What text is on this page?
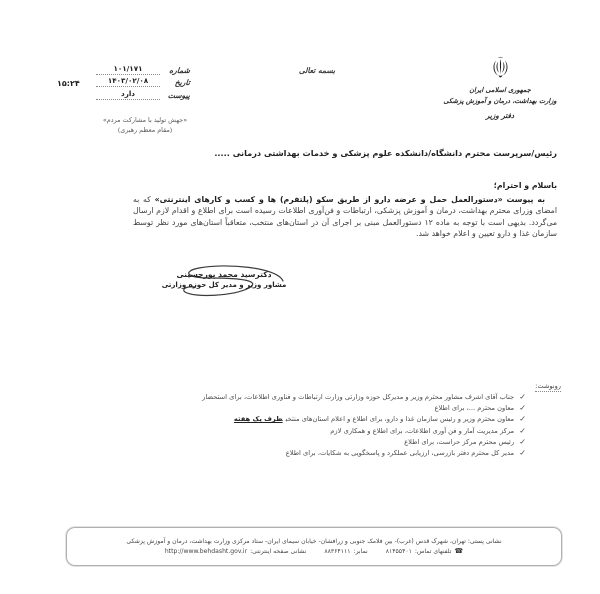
بسمه تعالی
جمهوری اسلامی ایران
وزارت بهداشت، درمان و آموزش پزشکی
دفتر وزیر
شماره
۱۰۱/۱۷۱
تاریخ
۱۴۰۳/۰۲/۰۸
پیوست
دارد
۱۵:۲۴
«جهش تولید با مشارکت مردم»
(مقام معظم رهبری)
رئیس/سرپرست محترم دانشگاه/دانشکده علوم پزشکی و خدمات بهداشتی درمانی .....
باسلام و احترام؛

به پیوست «دستورالعمل حمل و عرضه دارو از طریق سکو (پلتفرم) ها و کسب و کارهای اینترنتی» که به امضای وزرای محترم بهداشت، درمان و آموزش پزشکی، ارتباطات و فن‌آوری اطلاعات رسیده است برای اطلاع و اقدام لازم ارسال می‌گردد. بدیهی است با توجه به ماده ۱۲ دستورالعمل مبنی بر اجرای آن در استان‌های منتخب، متعاقباً استان‌های مورد نظر توسط سازمان غذا و دارو تعیین و اعلام خواهد شد.

دکترسید محمد پورحسینی
مشاور وزیر و مدیر کل حوزه وزارتی
رونوشت:
✓
جناب آقای اشرف مشاور محترم وزیر و مدیرکل حوزه وزارتی وزارت ارتباطات و فناوری اطلاعات، برای استحضار
✓
معاون محترم ...، برای اطلاع
✓
معاون محترم وزیر و رئیس سازمان غذا و دارو، برای اطلاع و اعلام استان‌های منتخبظرف یک هفته
✓
مرکز مدیریت آمار و فن آوری اطلاعات، برای اطلاع و همکاری لازم
✓
رئیس محترم مرکز حراست، برای اطلاع
✓
مدیر کل محترم دفتر بازرسی، ارزیابی عملکرد و پاسخگویی به شکایات، برای اطلاع
نشانی پستی: تهران، شهرک قدس (غرب)- بین فلامک جنوبی و زرافشان- خیابان سیمای ایران- ستاد مرکزی وزارت بهداشت، درمان و آموزش پزشکی
☎
تلفنهای تماس:
۸۱۴۵۵۴۰۱
نمابر:
۸۸۳۶۴۱۱۱
نشانی صفحه اینترنتی:
http://www.behdasht.gov.ir
